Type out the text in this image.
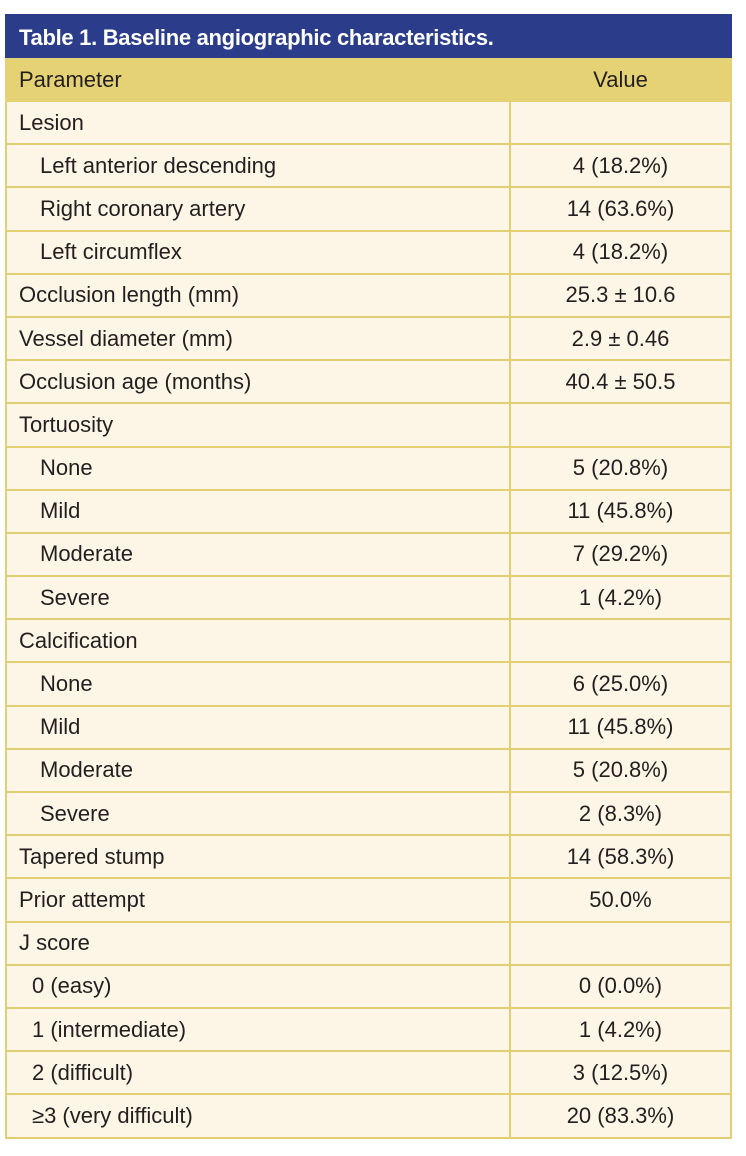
Table 1. Baseline angiographic characteristics.
Parameter	Value
Lesion
Left anterior descending	4 (18.2%)
Right coronary artery	14 (63.6%)
Left circumflex	4 (18.2%)
Occlusion length (mm)	25.3 ± 10.6
Vessel diameter (mm)	2.9 ± 0.46
Occlusion age (months)	40.4 ± 50.5
Tortuosity
None	5 (20.8%)
Mild	11 (45.8%)
Moderate	7 (29.2%)
Severe	1 (4.2%)
Calcification
None	6 (25.0%)
Mild	11 (45.8%)
Moderate	5 (20.8%)
Severe	2 (8.3%)
Tapered stump	14 (58.3%)
Prior attempt	50.0%
J score
0 (easy)	0 (0.0%)
1 (intermediate)	1 (4.2%)
2 (difficult)	3 (12.5%)
≥3 (very difficult)	20 (83.3%)
